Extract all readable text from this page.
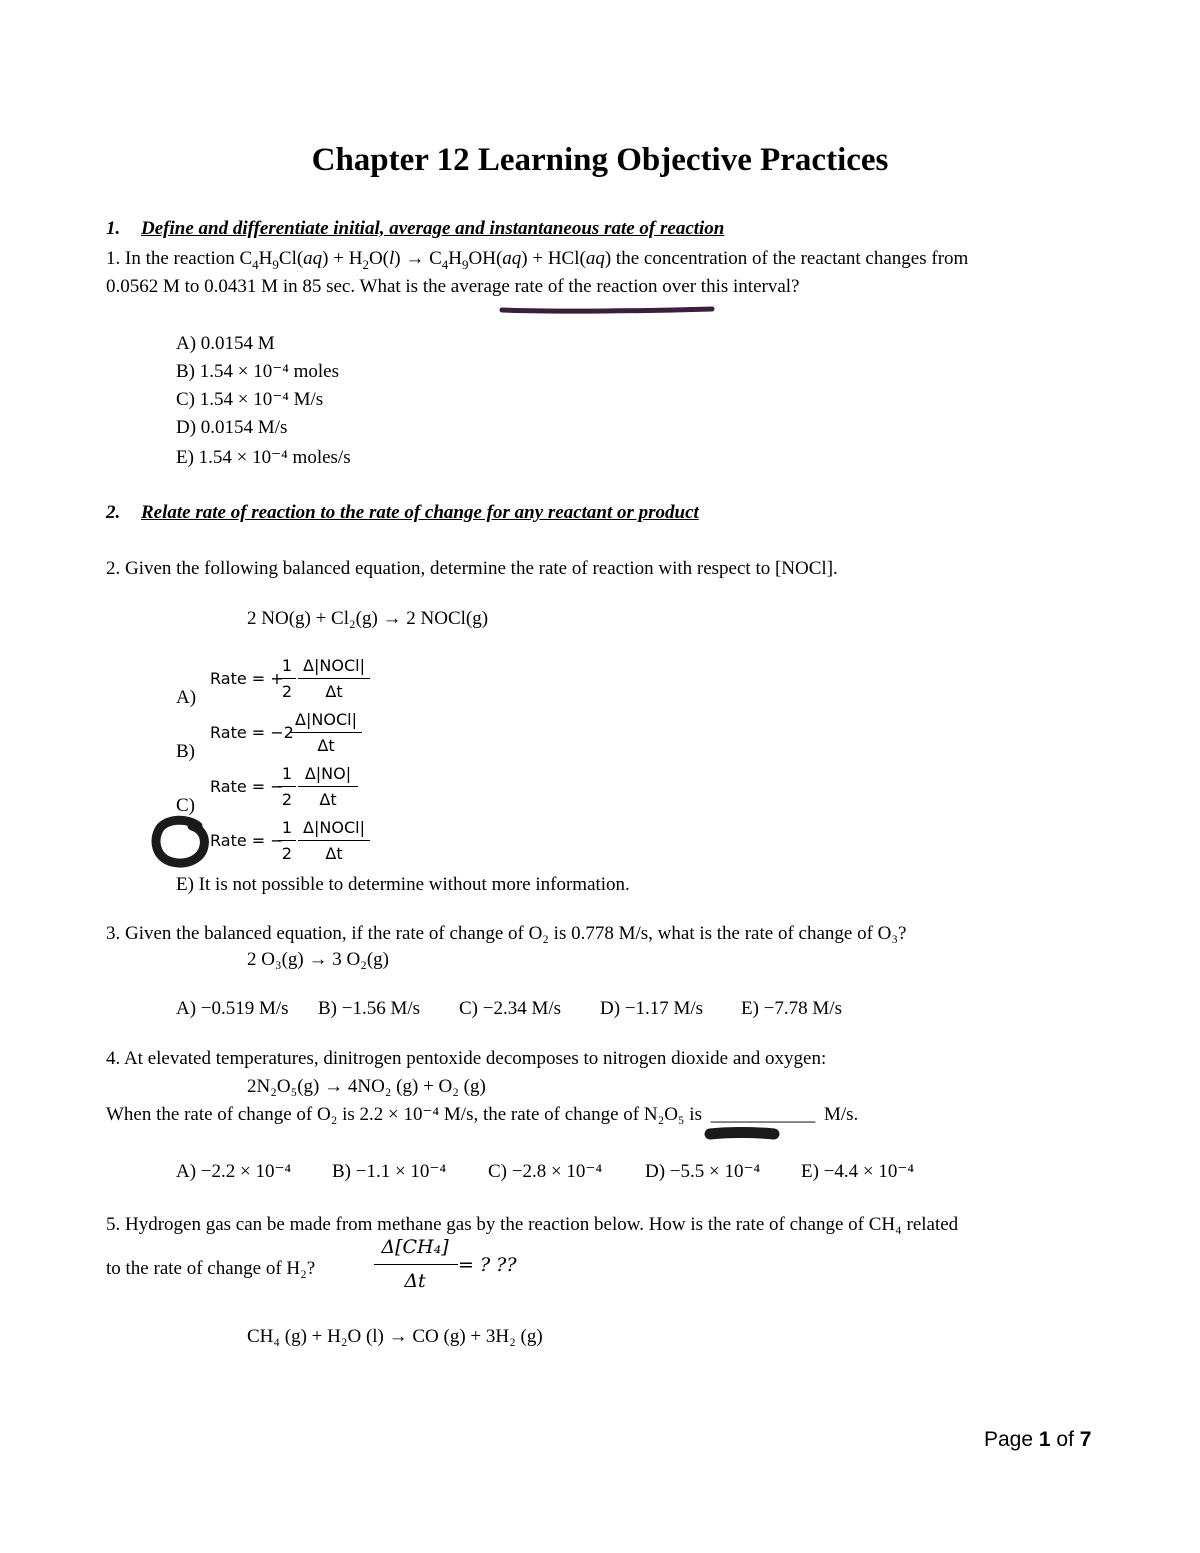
Chapter 12 Learning Objective Practices
1. Define and differentiate initial, average and instantaneous rate of reaction
1. In the reaction $C_4H_9Cl(aq) + H_2O(l) \to C_4H_9OH(aq) + HCl(aq)$ the concentration of the reactant changes from
0.0562 M to 0.0431 M in 85 sec. What is the average rate of the reaction over this interval?
A) 0.0154 M
B) 1.54 × 10⁻⁴ moles
C) 1.54 × 10⁻⁴ M/s
D) 0.0154 M/s
E) 1.54 × 10⁻⁴ moles/s
2. Relate rate of reaction to the rate of change for any reactant or product
2. Given the following balanced equation, determine the rate of reaction with respect to [NOCl].
2 NO(g) + Cl₂(g) → 2 NOCl(g)
A)
B)
C)
Rate = +
1
2
Δ|NOCl|
Δt
Rate = −2
Δ|NOCl|
Δt
Rate = −
1
2
Δ|NO|
Δt
Rate = −
1
2
Δ|NOCl|
Δt
E) It is not possible to determine without more information.
3. Given the balanced equation, if the rate of change of O₂ is 0.778 M/s, what is the rate of change of O₃?
2 O₃(g) → 3 O₂(g)
A) −0.519 M/s B) −1.56 M/s C) −2.34 M/s D) −1.17 M/s E) −7.78 M/s
4. At elevated temperatures, dinitrogen pentoxide decomposes to nitrogen dioxide and oxygen:
2N₂O₅(g) → 4NO₂ (g) + O₂ (g)
When the rate of change of O₂ is 2.2 × 10⁻⁴ M/s, the rate of change of N₂O₅ is ___________ M/s.
A) −2.2 × 10⁻⁴ B) −1.1 × 10⁻⁴ C) −2.8 × 10⁻⁴ D) −5.5 × 10⁻⁴ E) −4.4 × 10⁻⁴
5. Hydrogen gas can be made from methane gas by the reaction below. How is the rate of change of CH₄ related
to the rate of change of H₂?
Δ[CH₄]
Δt
= ? ??
CH₄ (g) + H₂O (l) → CO (g) + 3H₂ (g)
Page 1 of 7
